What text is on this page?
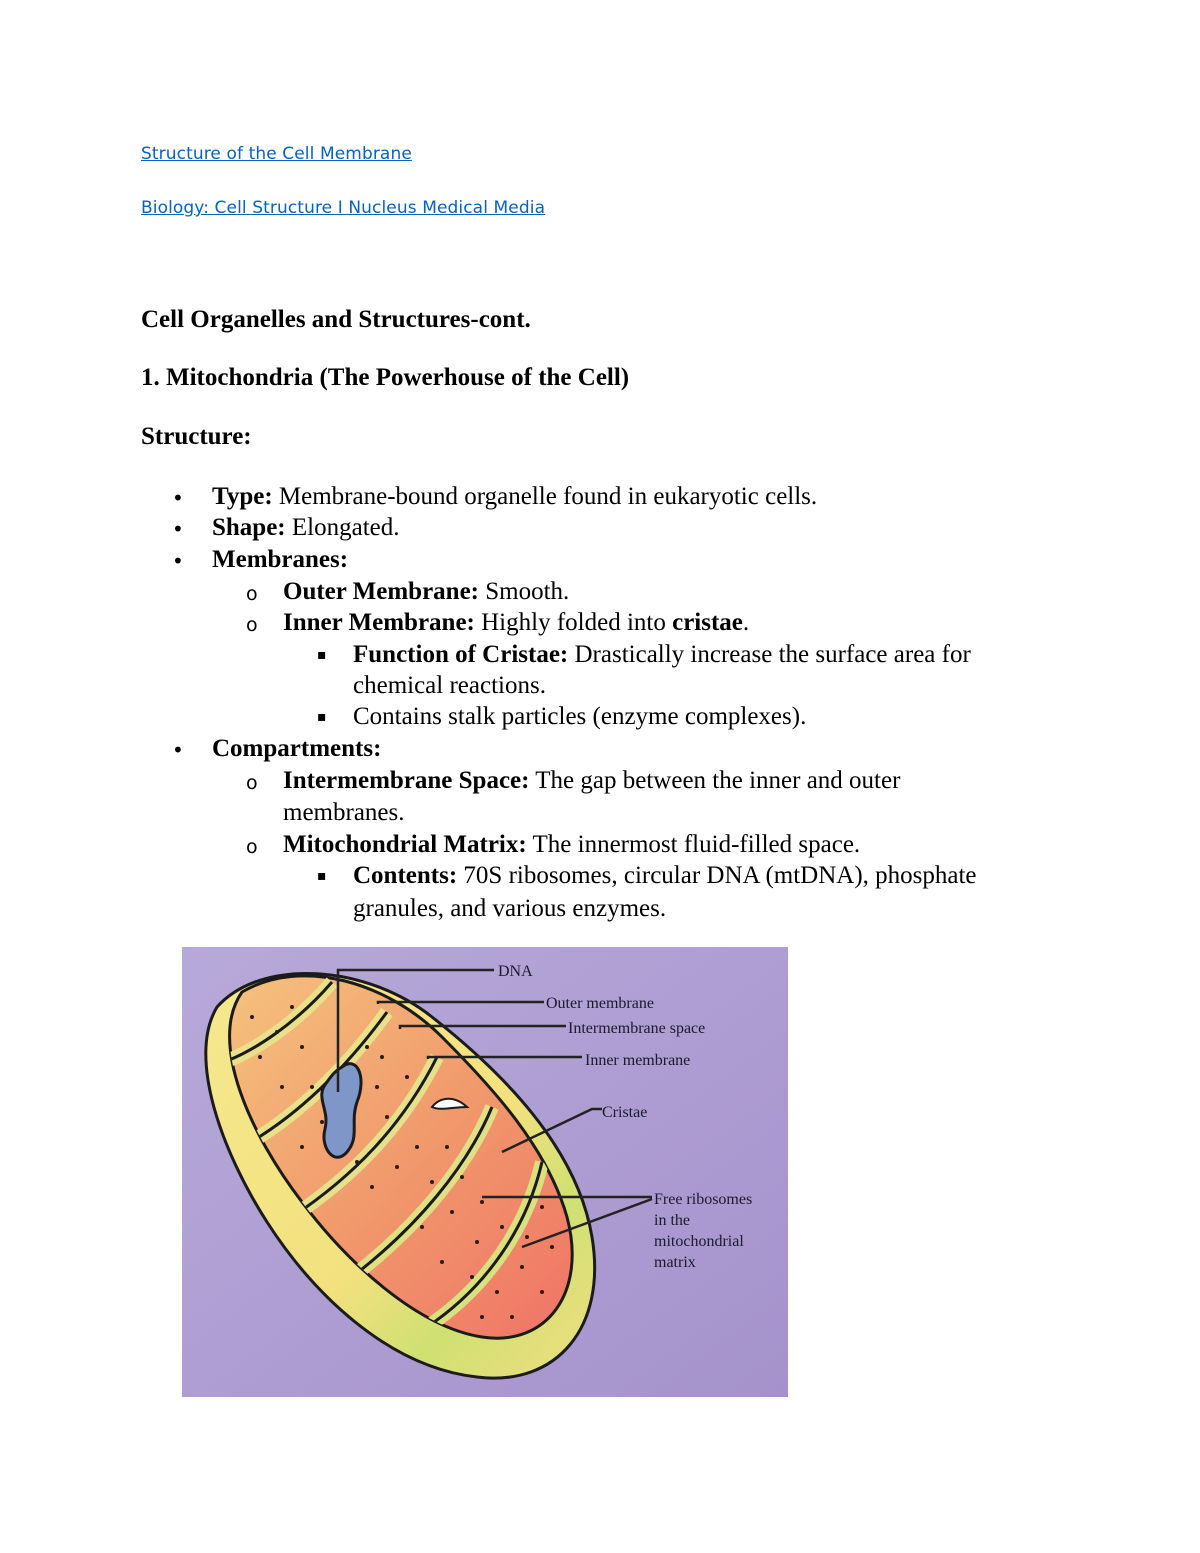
Structure of the Cell Membrane
Biology: Cell Structure I Nucleus Medical Media
Cell Organelles and Structures-cont.
1. Mitochondria (The Powerhouse of the Cell)
Structure:
• Type: Membrane-bound organelle found in eukaryotic cells.
• Shape: Elongated.
• Membranes:
o Outer Membrane: Smooth.
o Inner Membrane: Highly folded into cristae.
▪ Function of Cristae: Drastically increase the surface area for
chemical reactions.
▪ Contains stalk particles (enzyme complexes).
• Compartments:
o Intermembrane Space: The gap between the inner and outer
membranes.
o Mitochondrial Matrix: The innermost fluid-filled space.
▪ Contents: 70S ribosomes, circular DNA (mtDNA), phosphate
granules, and various enzymes.
DNA
Outer membrane
Intermembrane space
Inner membrane
Cristae
Free ribosomes
in the
mitochondrial
matrix
